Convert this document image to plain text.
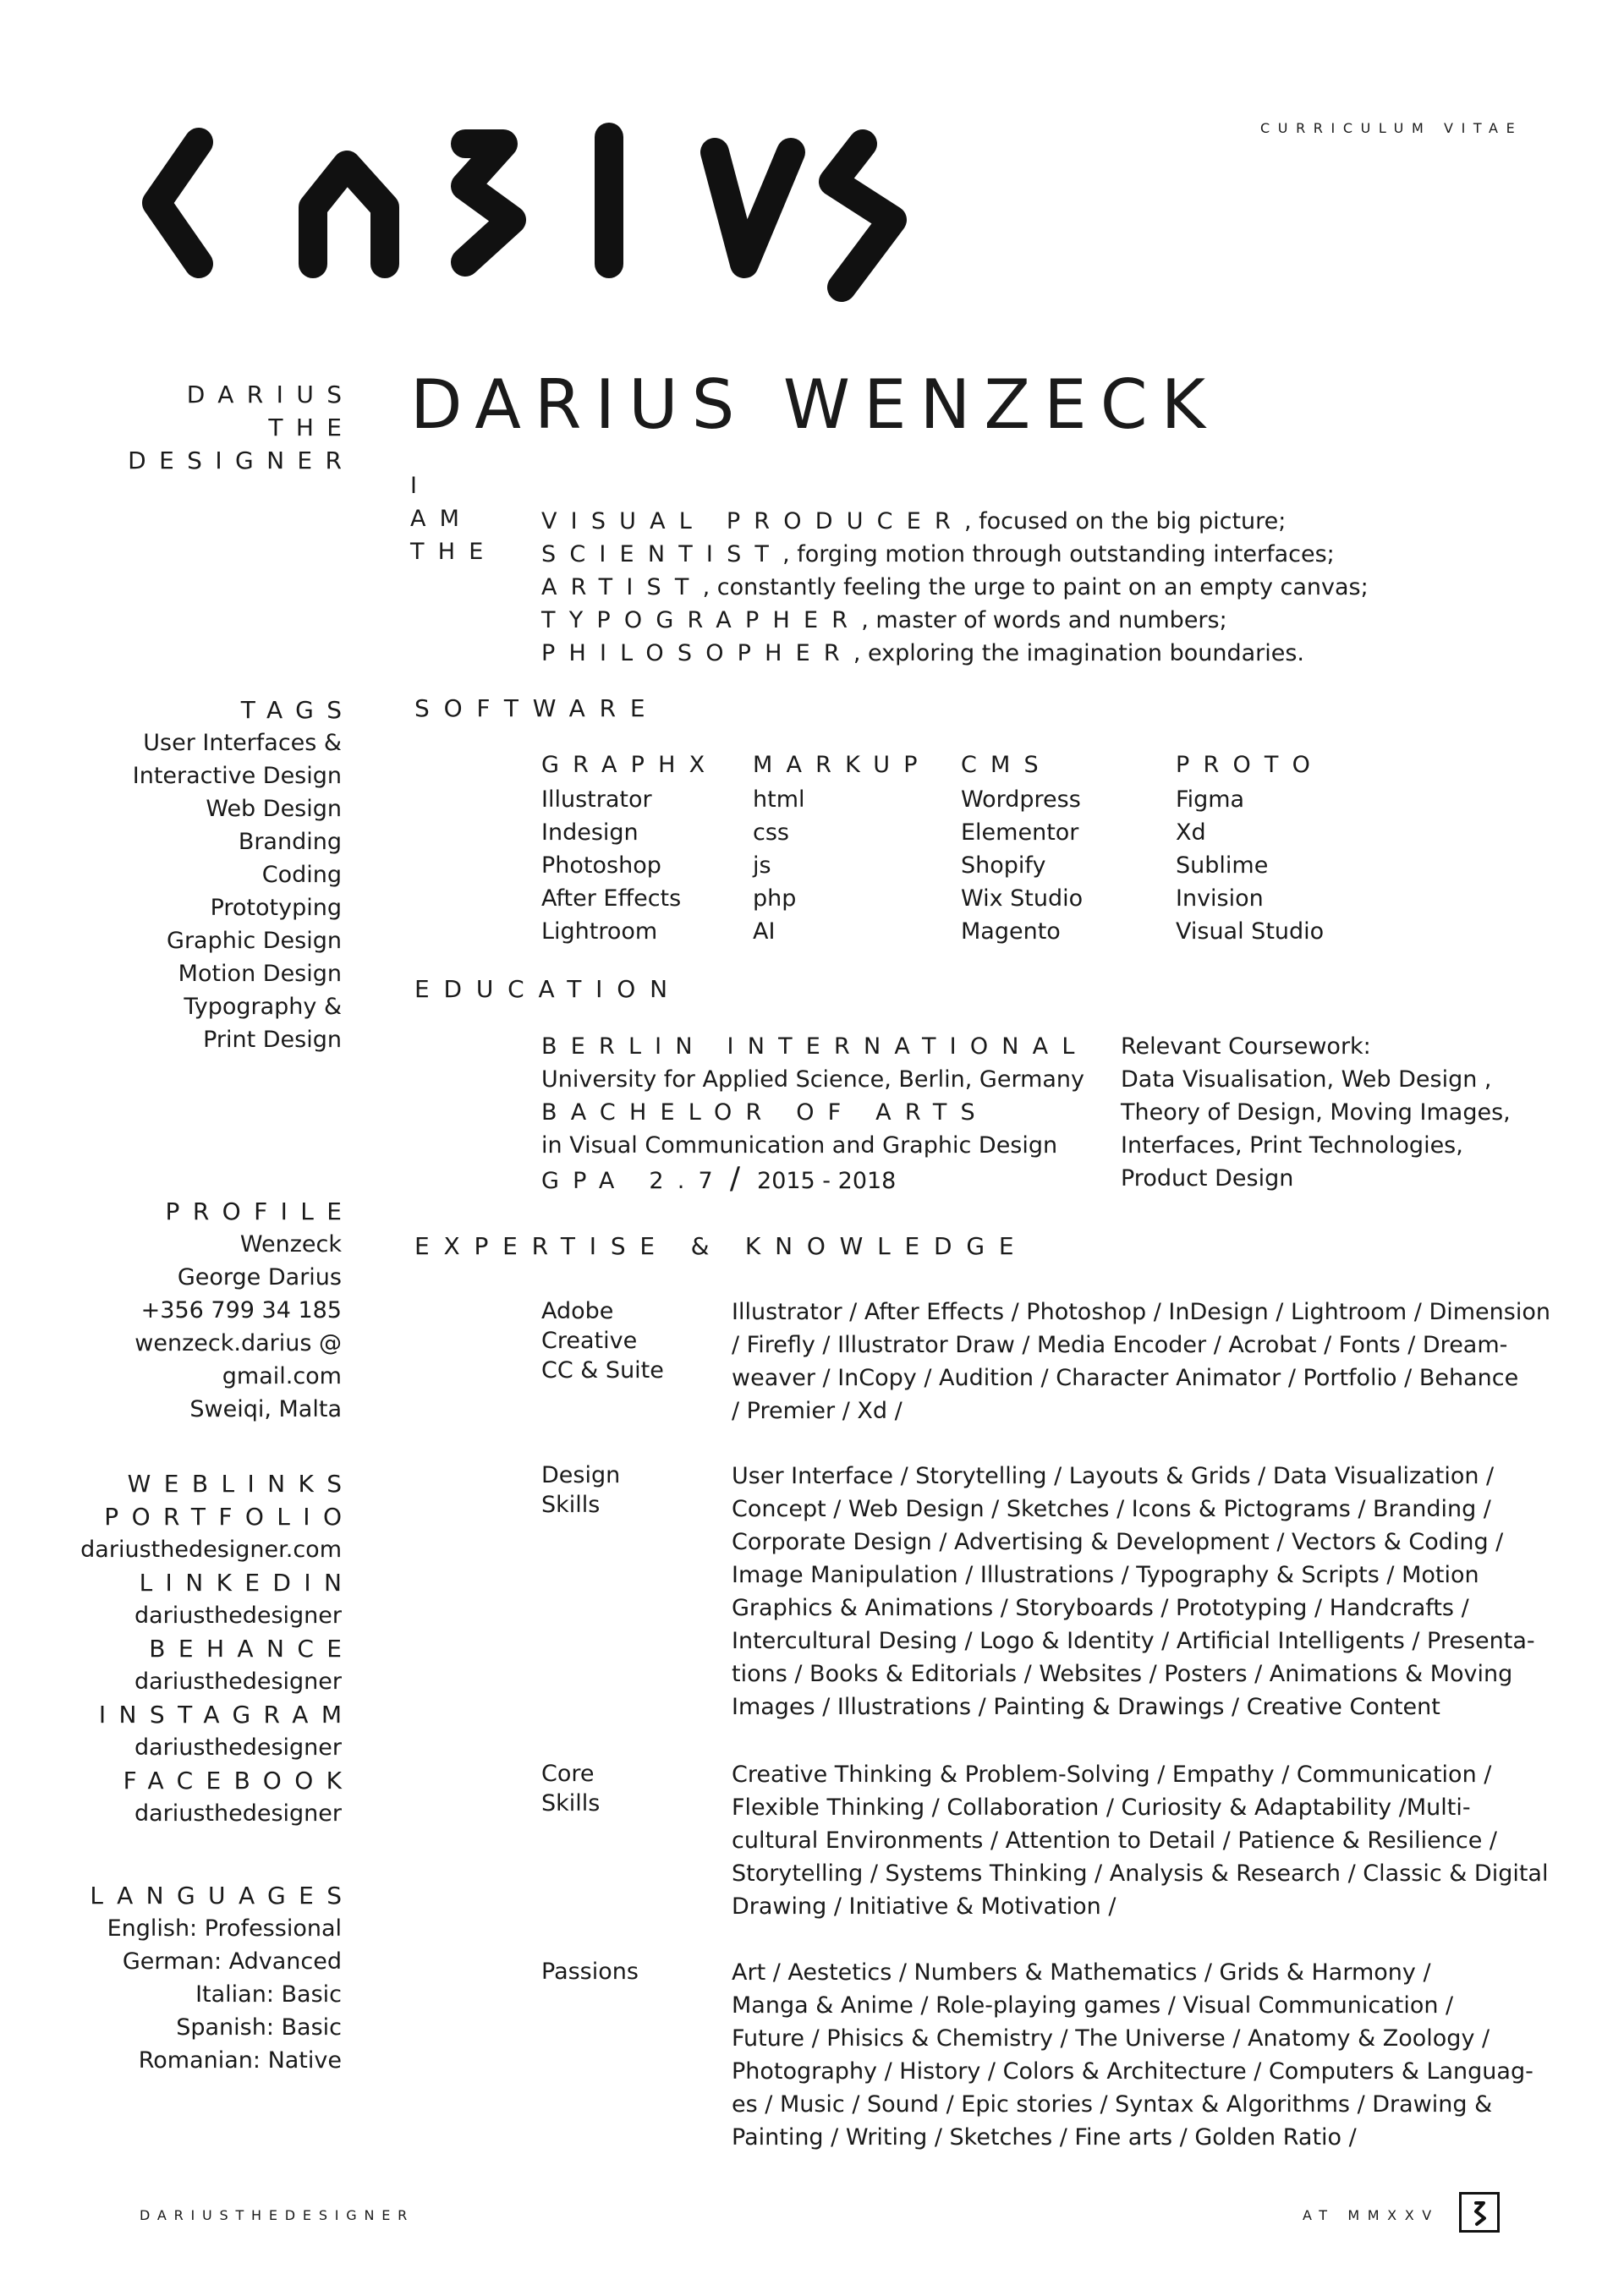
CURRICULUM VITAE
DARIUS
THE
DESIGNER
DARIUS WENZECK
I
AM
THE
VISUAL PRODUCER, focused on the big picture;
SCIENTIST, forging motion through outstanding interfaces;
ARTIST, constantly feeling the urge to paint on an empty canvas;
TYPOGRAPHER, master of words and numbers;
PHILOSOPHER, exploring the imagination boundaries.
TAGS
User Interfaces &
Interactive Design
Web Design
Branding
Coding
Prototyping
Graphic Design
Motion Design
Typography &
Print Design
PROFILE
Wenzeck
George Darius
+356 799 34 185
wenzeck.darius @
gmail.com
Sweiqi, Malta
WEBLINKS
PORTFOLIO
dariusthedesigner.com
LINKEDIN
dariusthedesigner
BEHANCE
dariusthedesigner
INSTAGRAM
dariusthedesigner
FACEBOOK
dariusthedesigner
LANGUAGES
English: Professional
German: Advanced
Italian: Basic
Spanish: Basic
Romanian: Native
SOFTWARE
GRAPHX
Illustrator
Indesign
Photoshop
After Effects
Lightroom
MARKUP
html
css
js
php
AI
CMS
Wordpress
Elementor
Shopify
Wix Studio
Magento
PROTO
Figma
Xd
Sublime
Invision
Visual Studio
EDUCATION
BERLIN INTERNATIONAL
University for Applied Science, Berlin, Germany
BACHELOR OF ARTS
in Visual Communication and Graphic Design
GPA 2.7 / 2015 - 2018
Relevant Coursework:
Data Visualisation, Web Design ,
Theory of Design, Moving Images,
Interfaces, Print Technologies,
Product Design
EXPERTISE & KNOWLEDGE
Adobe
Creative
CC & Suite
Illustrator / After Effects / Photoshop / InDesign / Lightroom / Dimension
/ Firefly / Illustrator Draw / Media Encoder / Acrobat / Fonts / Dream-
weaver / InCopy / Audition / Character Animator / Portfolio / Behance
/ Premier / Xd /
Design
Skills
User Interface / Storytelling / Layouts & Grids / Data Visualization /
Concept / Web Design / Sketches / Icons & Pictograms / Branding /
Corporate Design / Advertising & Development / Vectors & Coding /
Image Manipulation / Illustrations / Typography & Scripts / Motion
Graphics & Animations / Storyboards / Prototyping / Handcrafts /
Intercultural Desing / Logo & Identity / Artificial Intelligents / Presenta-
tions / Books & Editorials / Websites / Posters / Animations & Moving
Images / Illustrations / Painting & Drawings / Creative Content
Core
Skills
Creative Thinking & Problem-Solving / Empathy / Communication /
Flexible Thinking / Collaboration / Curiosity & Adaptability /Multi-
cultural Environments / Attention to Detail / Patience & Resilience /
Storytelling / Systems Thinking / Analysis & Research / Classic & Digital
Drawing / Initiative & Motivation /
Passions	Art / Aestetics / Numbers & Mathematics / Grids & Harmony /
Manga & Anime / Role-playing games / Visual Communication /
Future / Phisics & Chemistry / The Universe / Anatomy & Zoology /
Photography / History / Colors & Architecture / Computers & Languag-
es / Music / Sound / Epic stories / Syntax & Algorithms / Drawing &
Painting / Writing / Sketches / Fine arts / Golden Ratio /
DARIUSTHEDESIGNER	AT MMXXV
